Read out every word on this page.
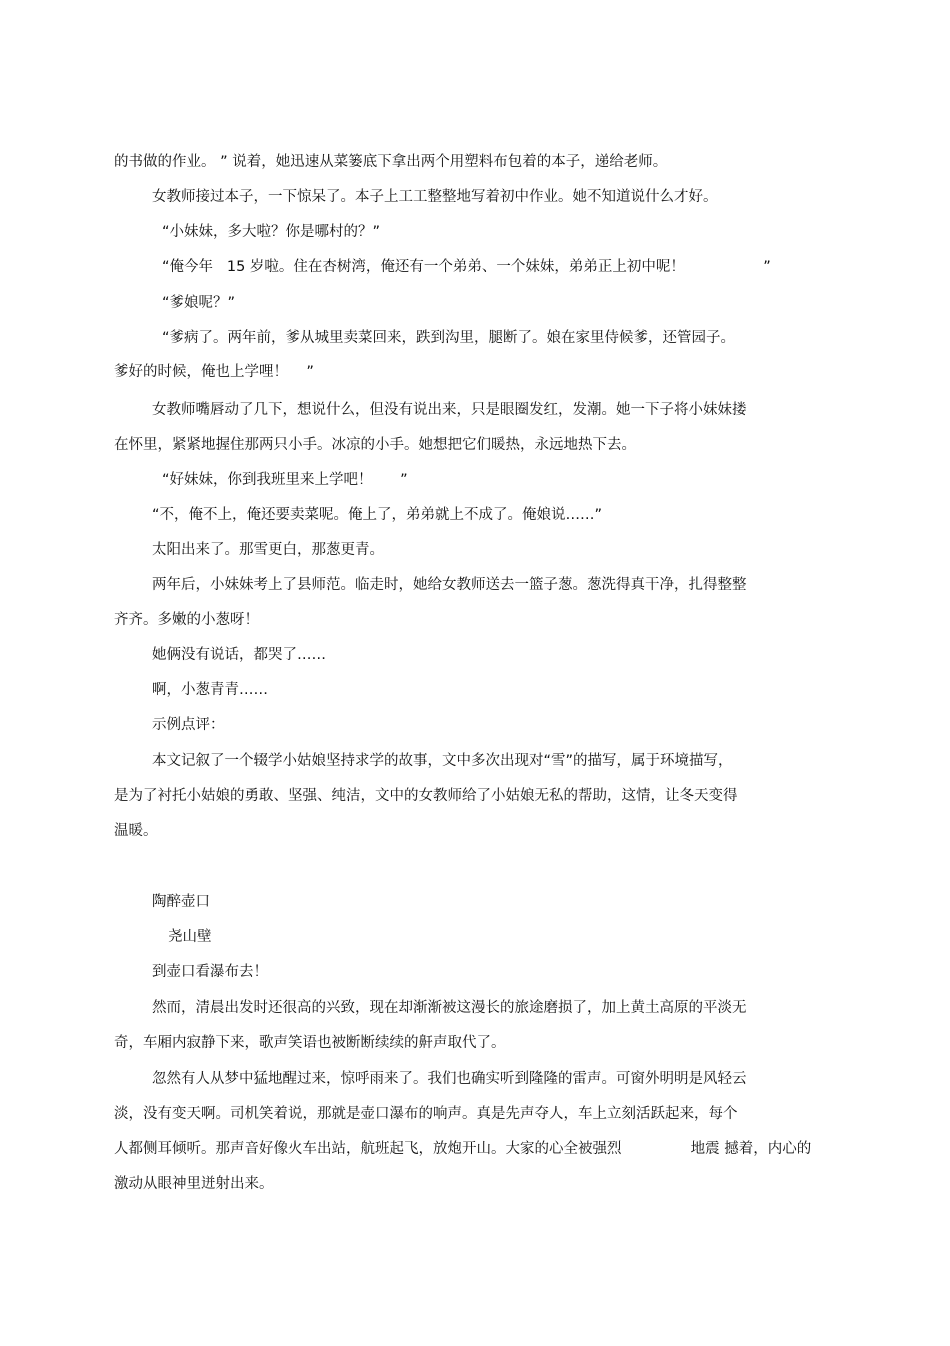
的书做的作业。 ” 说着，她迅速从菜篓底下拿出两个用塑料布包着的本子，递给老师。
女教师接过本子，一下惊呆了。本子上工工整整地写着初中作业。她不知道说什么才好。
“小妹妹，多大啦？你是哪村的？”
“俺今年   15 岁啦。住在杏树湾，俺还有一个弟弟、一个妹妹，弟弟正上初中呢！                 ”
“爹娘呢？”
“爹病了。两年前，爹从城里卖菜回来，跌到沟里，腿断了。娘在家里侍候爹，还管园子。
爹好的时候，俺也上学哩！    ”
女教师嘴唇动了几下，想说什么，但没有说出来，只是眼圈发红，发潮。她一下子将小妹妹搂
在怀里，紧紧地握住那两只小手。冰凉的小手。她想把它们暖热，永远地热下去。
“好妹妹，你到我班里来上学吧！      ”
“不，俺不上，俺还要卖菜呢。俺上了，弟弟就上不成了。俺娘说……”
太阳出来了。那雪更白，那葱更青。
两年后，小妹妹考上了县师范。临走时，她给女教师送去一篮子葱。葱洗得真干净，扎得整整
齐齐。多嫩的小葱呀！
她俩没有说话，都哭了……
啊，小葱青青……
示例点评：
本文记叙了一个辍学小姑娘坚持求学的故事，文中多次出现对“雪”的描写，属于环境描写，
是为了衬托小姑娘的勇敢、坚强、纯洁，文中的女教师给了小姑娘无私的帮助，这情，让冬天变得
温暖。
陶醉壶口
尧山壁
到壶口看瀑布去！
然而，清晨出发时还很高的兴致，现在却渐渐被这漫长的旅途磨损了，加上黄土高原的平淡无
奇，车厢内寂静下来，歌声笑语也被断断续续的鼾声取代了。
忽然有人从梦中猛地醒过来，惊呼雨来了。我们也确实听到隆隆的雷声。可窗外明明是风轻云
淡，没有变天啊。司机笑着说，那就是壶口瀑布的响声。真是先声夺人，车上立刻活跃起来，每个
人都侧耳倾听。那声音好像火车出站，航班起飞，放炮开山。大家的心全被强烈               地震 撼着，内心的
激动从眼神里迸射出来。
